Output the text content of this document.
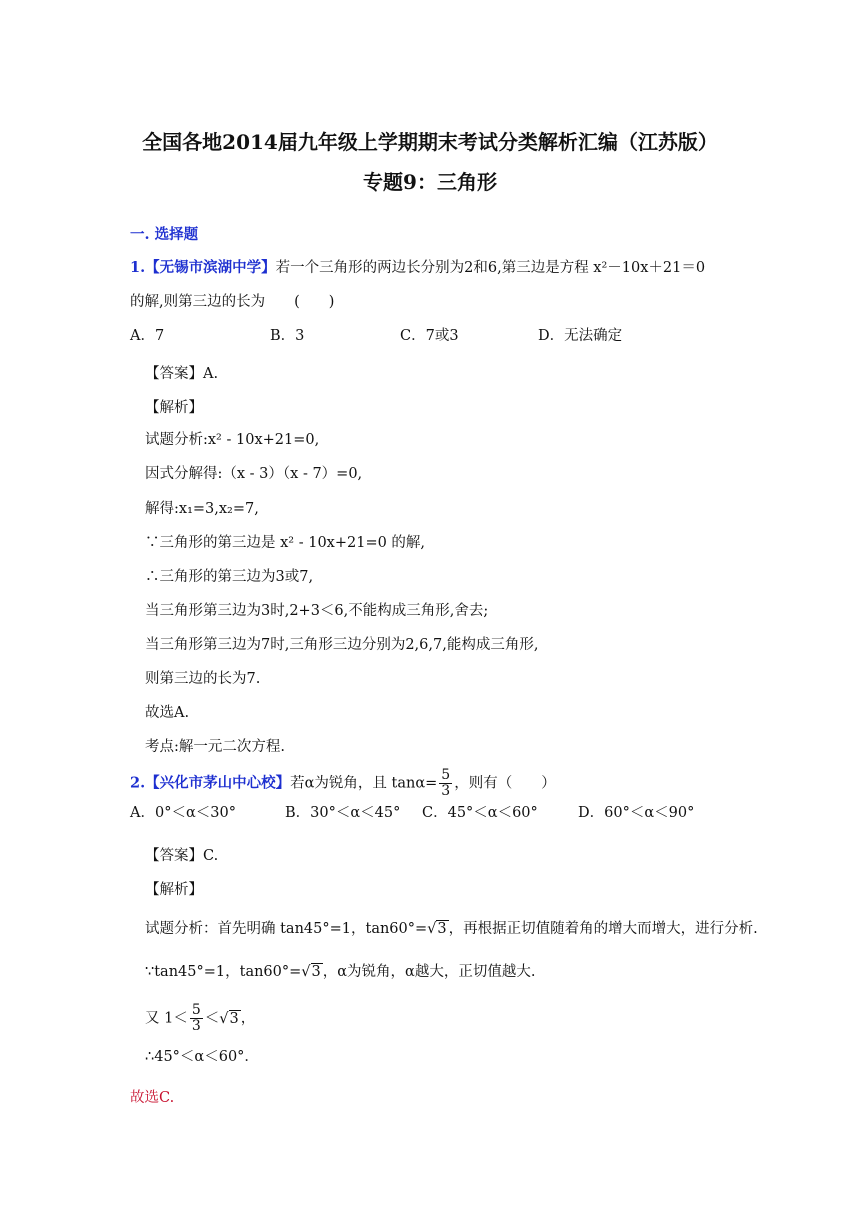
全国各地2014届九年级上学期期末考试分类解析汇编（江苏版）
专题9：三角形
一. 选择题
1.【无锡市滨湖中学】若一个三角形的两边长分别为2和6,第三边是方程 x²－10x＋21＝0
的解,则第三边的长为　　(　　)
A．7	B．3	C．7或3	D．无法确定
【答案】A.
【解析】
试题分析:x² - 10x+21=0,
因式分解得:（x - 3）（x - 7）=0,
解得:x₁=3,x₂=7,
∵三角形的第三边是 x² - 10x+21=0 的解,
∴三角形的第三边为3或7,
当三角形第三边为3时,2+3＜6,不能构成三角形,舍去;
当三角形第三边为7时,三角形三边分别为2,6,7,能构成三角形,
则第三边的长为7.
故选A.
考点:解一元二次方程.
2.【兴化市茅山中心校】若α为锐角，且 $\tan\alpha= \frac{5}{3}$ ，则有（　　）
A．0°＜α＜30°	B．30°＜α＜45° C．45°＜α＜60°	D．60°＜α＜90°
【答案】C.
【解析】
试题分析：首先明确 tan45°=1，tan60°=√3 ，再根据正切值随着角的增大而增大，进行分析.
∵tan45°=1，tan60°=√3 ，α为锐角，α越大，正切值越大.
又 $1< \frac{5}{3} <√3$ ，
∴45°＜α＜60°．
故选C.
